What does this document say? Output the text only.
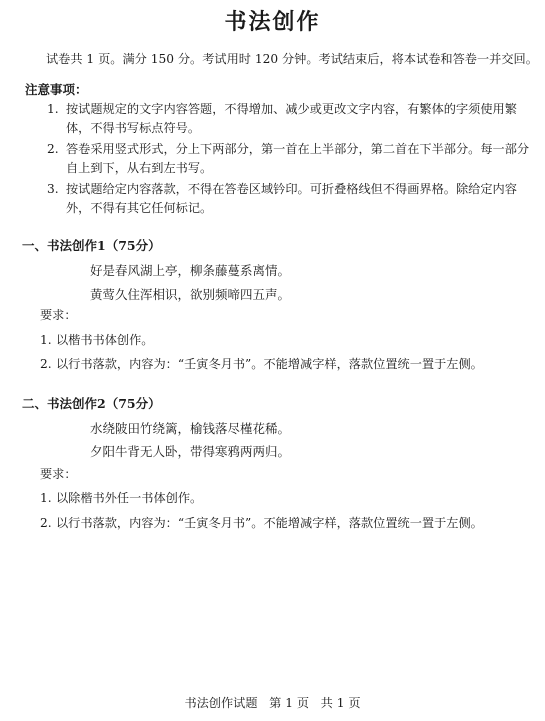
书法创作
试卷共 1 页。满分 150 分。考试用时 120 分钟。考试结束后，将本试卷和答卷一并交回。
注意事项：
1. 按试题规定的文字内容答题，不得增加、减少或更改文字内容，有繁体的字须使用繁体，不得书写标点符号。
2. 答卷采用竖式形式，分上下两部分，第一首在上半部分，第二首在下半部分。每一部分自上到下，从右到左书写。
3. 按试题给定内容落款，不得在答卷区域钤印。可折叠格线但不得画界格。除给定内容外，不得有其它任何标记。
一、书法创作1（75分）
好是春风湖上亭，柳条藤蔓系离情。
黄莺久住浑相识，欲别频啼四五声。
要求：
1. 以楷书书体创作。
2. 以行书落款，内容为：“壬寅冬月书”。不能增减字样，落款位置统一置于左侧。
二、书法创作2（75分）
水绕陂田竹绕篱，榆钱落尽槿花稀。
夕阳牛背无人卧，带得寒鸦两两归。
要求：
1. 以除楷书外任一书体创作。
2. 以行书落款，内容为：“壬寅冬月书”。不能增减字样，落款位置统一置于左侧。
书法创作试题   第 1 页   共 1 页
